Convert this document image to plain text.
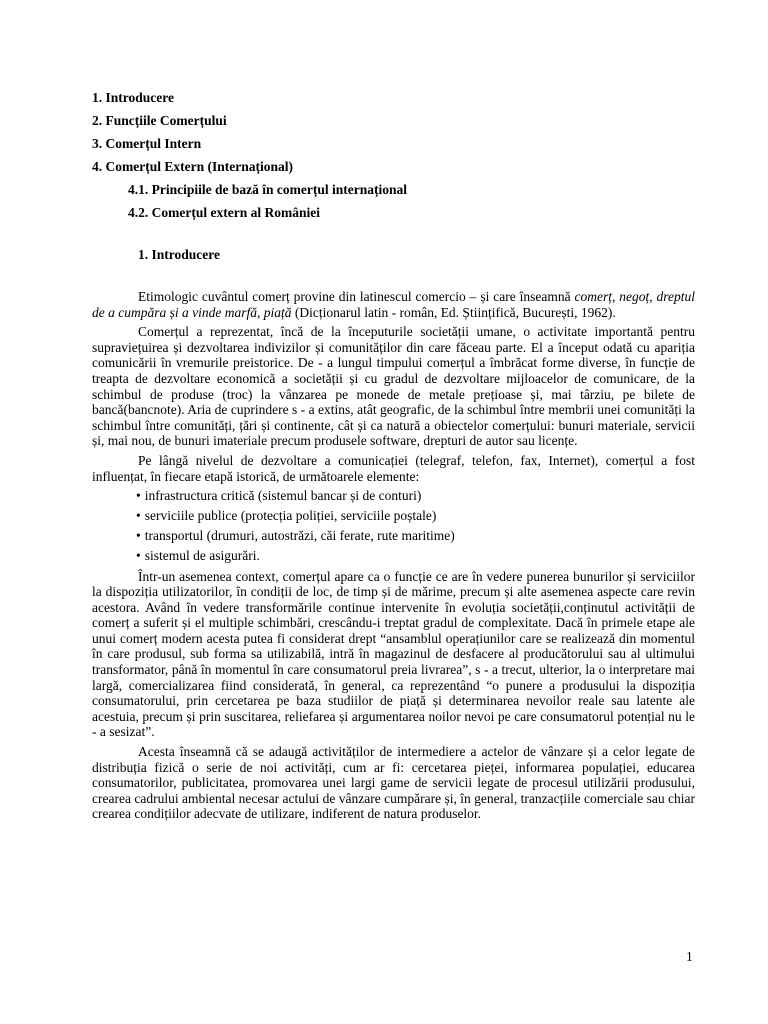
1. Introducere
2. Funcțiile Comerțului
3. Comerțul Intern
4. Comerțul Extern (Internațional)
4.1. Principiile de bază în comerțul internațional
4.2. Comerțul extern al României
1. Introducere

Etimologic cuvântul comerț provine din latinescul comercio – și care înseamnă comerț, negoț, dreptul de a cumpăra și a vinde marfă, piață (Dicționarul latin - român, Ed. Științifică, București, 1962).

Comerțul a reprezentat, încă de la începuturile societății umane, o activitate importantă pentru supraviețuirea și dezvoltarea indivizilor și comunităților din care făceau parte. El a început odată cu apariția comunicării în vremurile preistorice. De - a lungul timpului comerțul a îmbrăcat forme diverse, în funcție de treapta de dezvoltare economică a societății și cu gradul de dezvoltare mijloacelor de comunicare, de la schimbul de produse (troc) la vânzarea pe monede de metale prețioase și, mai târziu, pe bilete de bancă(bancnote). Aria de cuprindere s - a extins, atât geografic, de la schimbul între membrii unei comunități la schimbul între comunități, țări și continente, cât și ca natură a obiectelor comerțului: bunuri materiale, servicii și, mai nou, de bunuri imateriale precum produsele software, drepturi de autor sau licențe.

Pe lângă nivelul de dezvoltare a comunicației (telegraf, telefon, fax, Internet), comerțul a fost influențat, în fiecare etapă istorică, de următoarele elemente:

• infrastructura critică (sistemul bancar și de conturi)
• serviciile publice (protecția poliției, serviciile poștale)
• transportul (drumuri, autostrăzi, căi ferate, rute maritime)
• sistemul de asigurări.

Într-un asemenea context, comerțul apare ca o funcție ce are în vedere punerea bunurilor și serviciilor la dispoziția utilizatorilor, în condiții de loc, de timp și de mărime, precum și alte asemenea aspecte care revin acestora. Având în vedere transformările continue intervenite în evoluția societății,conținutul activității de comerț a suferit și el multiple schimbări, crescându-i treptat gradul de complexitate. Dacă în primele etape ale unui comerț modern acesta putea fi considerat drept “ansamblul operațiunilor care se realizează din momentul în care produsul, sub forma sa utilizabilă, intră în magazinul de desfacere al producătorului sau al ultimului transformator, până în momentul în care consumatorul preia livrarea”, s - a trecut, ulterior, la o interpretare mai largă, comercializarea fiind considerată, în general, ca reprezentând “o punere a produsului la dispoziția consumatorului, prin cercetarea pe baza studiilor de piață și determinarea nevoilor reale sau latente ale acestuia, precum și prin suscitarea, reliefarea și argumentarea noilor nevoi pe care consumatorul potențial nu le - a sesizat”.

Acesta înseamnă că se adaugă activităților de intermediere a actelor de vânzare și a celor legate de distribuția fizică o serie de noi activități, cum ar fi: cercetarea pieței, informarea populației, educarea consumatorilor, publicitatea, promovarea unei largi game de servicii legate de procesul utilizării produsului, crearea cadrului ambiental necesar actului de vânzare cumpărare și, în general, tranzacțiile comerciale sau chiar crearea condițiilor adecvate de utilizare, indiferent de natura produselor.

1
